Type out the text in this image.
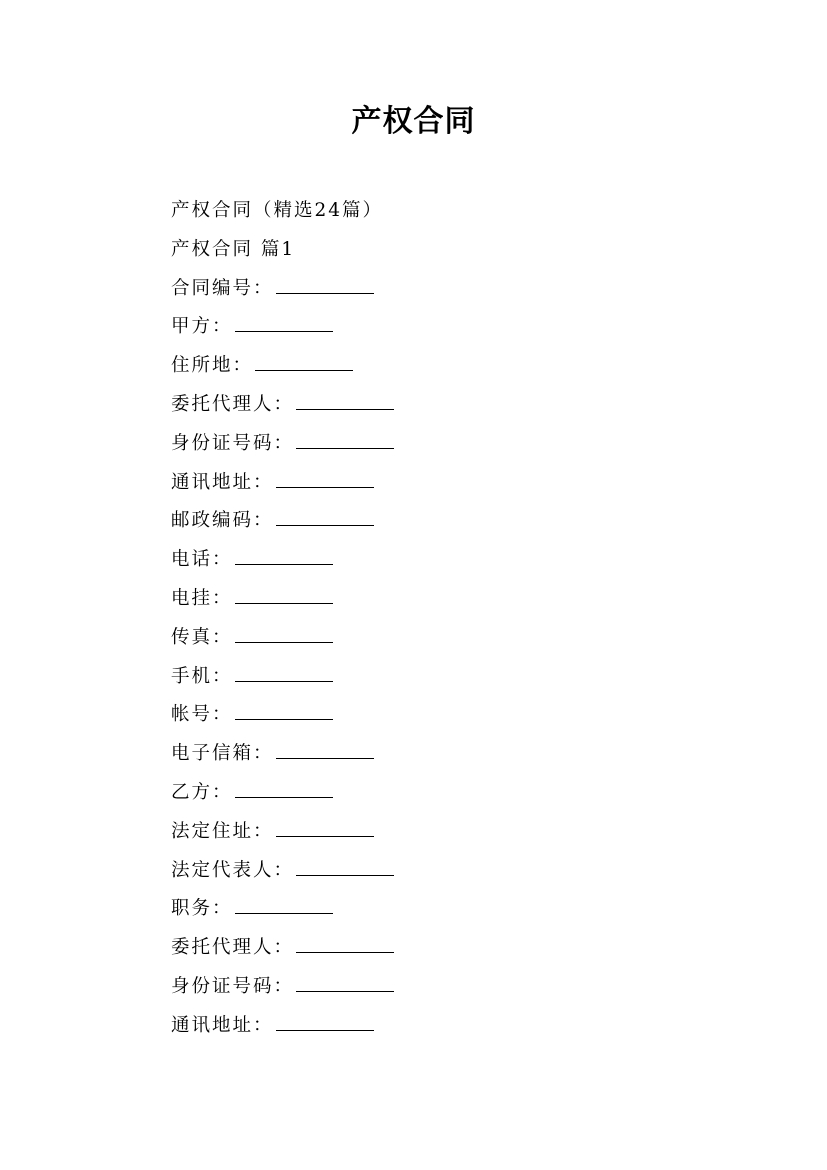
产权合同
产权合同（精选24篇）
产权合同 篇1
合同编号：
甲方：
住所地：
委托代理人：
身份证号码：
通讯地址：
邮政编码：
电话：
电挂：
传真：
手机：
帐号：
电子信箱：
乙方：
法定住址：
法定代表人：
职务：
委托代理人：
身份证号码：
通讯地址：
